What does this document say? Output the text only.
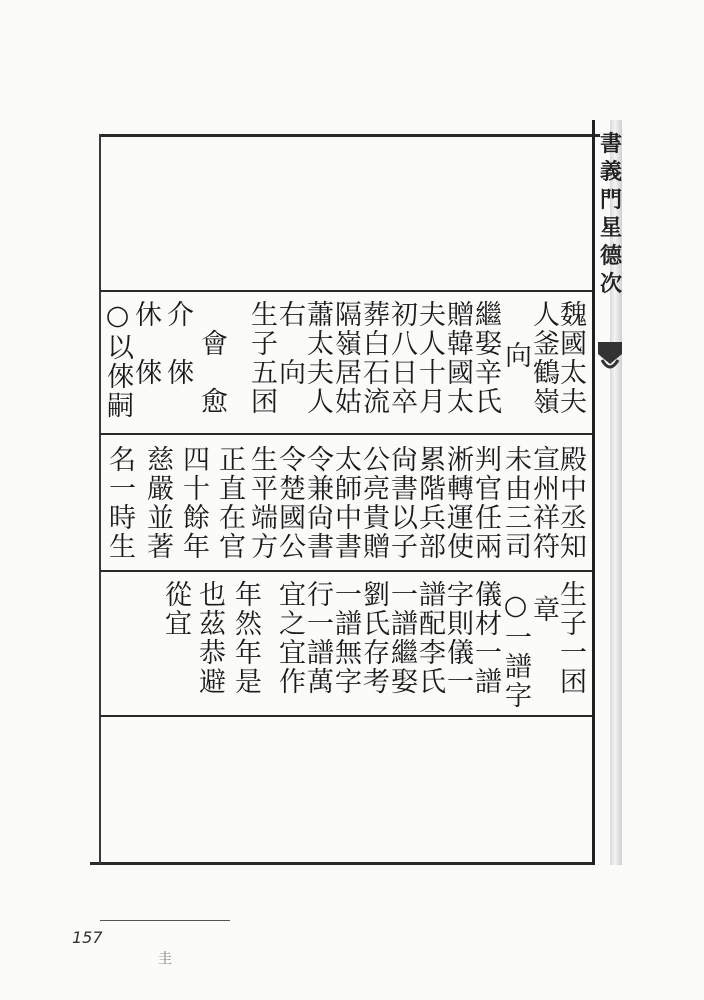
書
義
門
星
德
次
魏國太夫
人釜鶴嶺
　向
繼娶辛氏
贈韓國太
夫人十月
初八日卒
葬白石流
隔嶺居姑
蕭太夫人
右　向
生子五囨
　會　愈
介　倈
休　倈
○以倈嗣
殿中丞知
宣州祥符
未由三司
判官任兩
淅轉運使
累階兵部
尙書以子
公亮貴贈
太師中書
令兼尙書
令楚國公
生平端方
正直在官
四十餘年
慈嚴並著
名一時生
生子一囨
章
○一譜字
儀材一譜
字則儀一
譜配李氏
一譜繼娶
劉氏存考
一譜無字
行一譜萬
宜之宜作
年然年是
也茲恭避
從宜
157
圭
